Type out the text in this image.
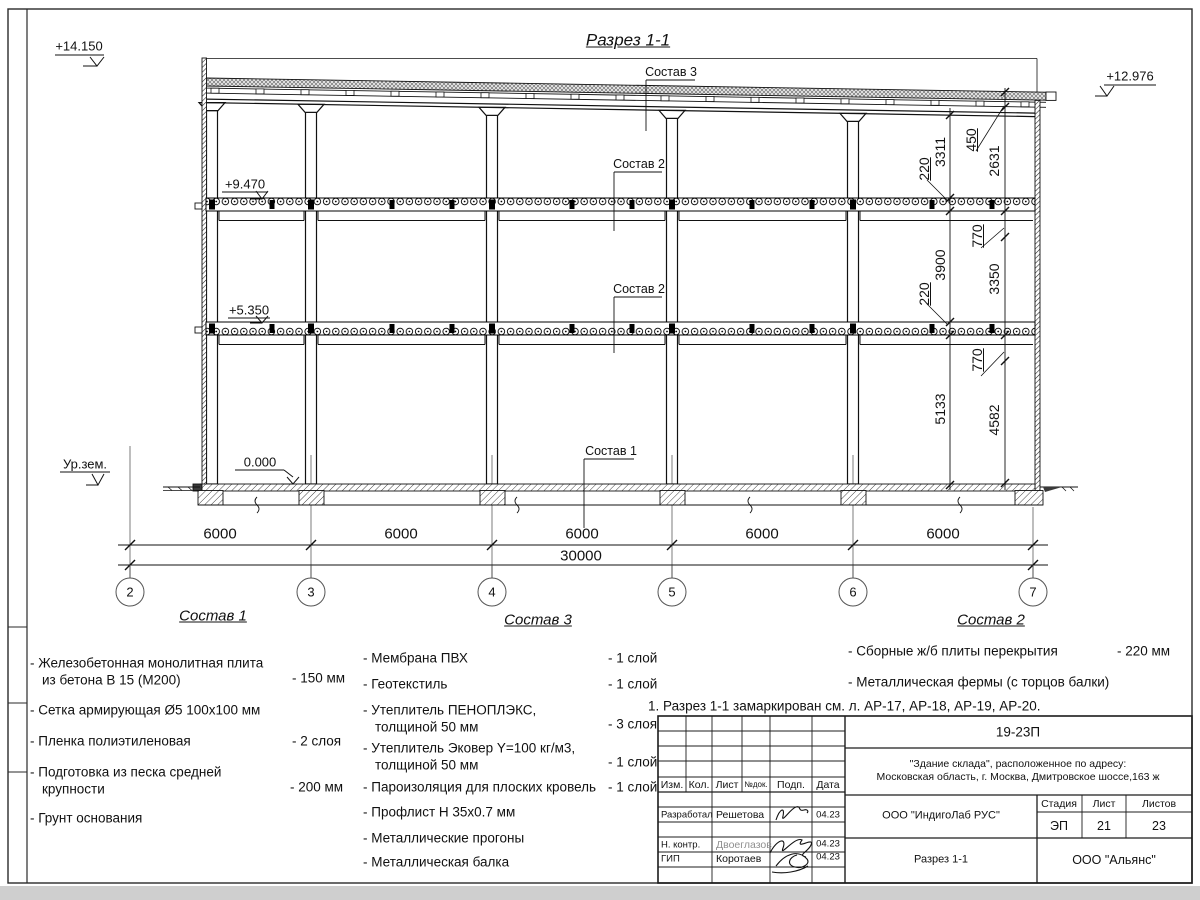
Разрез 1-1
+14.150
+12.976
+9.470
+5.350
0.000
Ур.зем.
Состав 3
Состав 2
Состав 2
Состав 1
6000	6000	6000	6000	6000
30000
2	3	4	5	6	7
3311
220
3900
220
5133
450
2631
770
3350
770
4582
Состав 1
- Железобетонная монолитная плита
из бетона В 15 (М200)	- 150 мм
- Сетка армирующая Ø5 100х100 мм
- Пленка полиэтиленовая	- 2 слоя
- Подготовка из песка средней
крупности	- 200 мм
- Грунт основания
Состав 3
- Мембрана ПВХ	- 1 слой
- Геотекстиль	- 1 слой
- Утеплитель ПЕНОПЛЭКС,
толщиной 50 мм	- 3 слоя
- Утеплитель Эковер Y=100 кг/м3,
толщиной 50 мм	- 1 слой
- Пароизоляция для плоских кровель - 1 слой
- Профлист Н 35х0.7 мм
- Металлические прогоны
- Металлическая балка
Состав 2
- Сборные ж/б плиты перекрытия	- 220 мм
- Металлическая фермы (с торцов балки)
1. Разрез 1-1 замаркирован см. л. АР-17, АР-18, АР-19, АР-20.
19-23П
"Здание склада", расположенное по адресу:
Московская область, г. Москва, Дмитровское шоссе,163 ж
Изм. Кол. Лист №док. Подп. Дата
Разработал Решетова	04.23
Н. контр. Двоеглазов	04.23
ГИП	Коротаев	04.23
ООО "ИндигоЛаб РУС"
Разрез 1-1
Стадия Лист	Листов
ЭП 21	23
ООО "Альянс"
